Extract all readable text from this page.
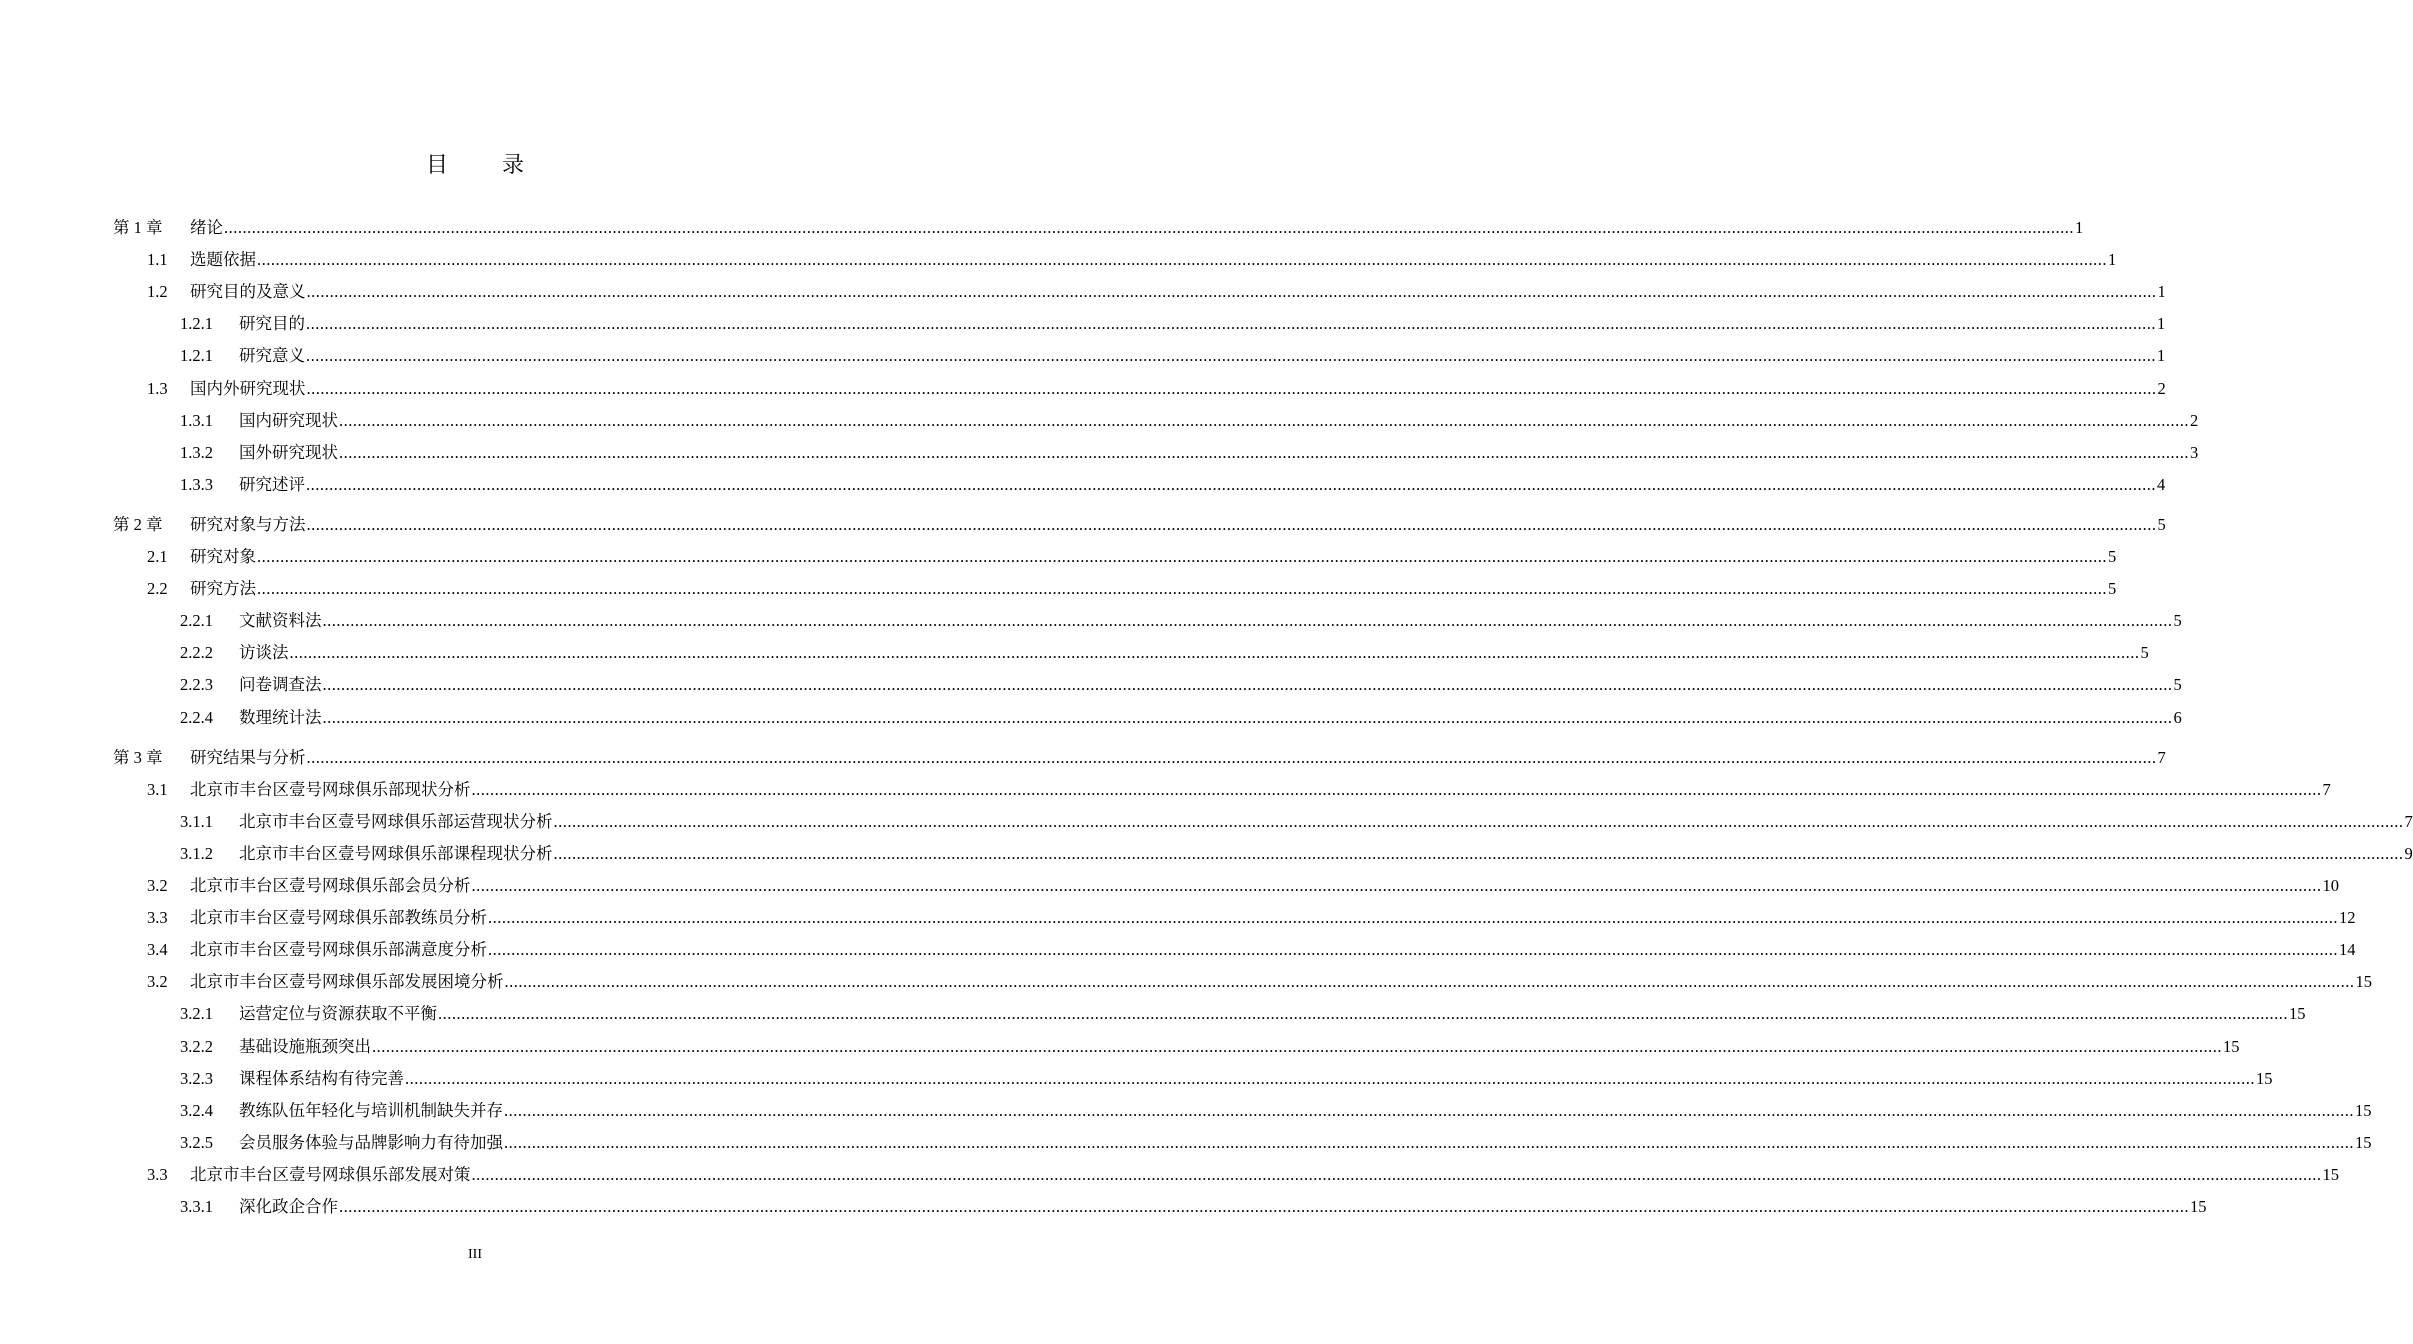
目 录
第 1 章 绪论 ................................................................................................................................................................................................................................................................................................................................................................................................................ 1
1.1 选题依据 ................................................................................................................................................................................................................................................................................................................................................................................................................ 1
1.2 研究目的及意义 ................................................................................................................................................................................................................................................................................................................................................................................................................ 1
1.2.1 研究目的 ................................................................................................................................................................................................................................................................................................................................................................................................................ 1
1.2.1 研究意义 ................................................................................................................................................................................................................................................................................................................................................................................................................ 1
1.3 国内外研究现状 ................................................................................................................................................................................................................................................................................................................................................................................................................ 2
1.3.1 国内研究现状 ................................................................................................................................................................................................................................................................................................................................................................................................................ 2
1.3.2 国外研究现状 ................................................................................................................................................................................................................................................................................................................................................................................................................ 3
1.3.3 研究述评 ................................................................................................................................................................................................................................................................................................................................................................................................................ 4
第 2 章 研究对象与方法 ................................................................................................................................................................................................................................................................................................................................................................................................................ 5
2.1 研究对象 ................................................................................................................................................................................................................................................................................................................................................................................................................ 5
2.2 研究方法 ................................................................................................................................................................................................................................................................................................................................................................................................................ 5
2.2.1 文献资料法 ................................................................................................................................................................................................................................................................................................................................................................................................................ 5
2.2.2 访谈法 ................................................................................................................................................................................................................................................................................................................................................................................................................ 5
2.2.3 问卷调查法 ................................................................................................................................................................................................................................................................................................................................................................................................................ 5
2.2.4 数理统计法 ................................................................................................................................................................................................................................................................................................................................................................................................................ 6
第 3 章 研究结果与分析 ................................................................................................................................................................................................................................................................................................................................................................................................................ 7
3.1 北京市丰台区壹号网球俱乐部现状分析 ................................................................................................................................................................................................................................................................................................................................................................................................................ 7
3.1.1 北京市丰台区壹号网球俱乐部运营现状分析 ................................................................................................................................................................................................................................................................................................................................................................................................................ 7
3.1.2 北京市丰台区壹号网球俱乐部课程现状分析 ................................................................................................................................................................................................................................................................................................................................................................................................................ 9
3.2 北京市丰台区壹号网球俱乐部会员分析 ................................................................................................................................................................................................................................................................................................................................................................................................................ 10
3.3 北京市丰台区壹号网球俱乐部教练员分析 ................................................................................................................................................................................................................................................................................................................................................................................................................ 12
3.4 北京市丰台区壹号网球俱乐部满意度分析 ................................................................................................................................................................................................................................................................................................................................................................................................................ 14
3.2 北京市丰台区壹号网球俱乐部发展困境分析 ................................................................................................................................................................................................................................................................................................................................................................................................................ 15
3.2.1 运营定位与资源获取不平衡 ................................................................................................................................................................................................................................................................................................................................................................................................................ 15
3.2.2 基础设施瓶颈突出 ................................................................................................................................................................................................................................................................................................................................................................................................................ 15
3.2.3 课程体系结构有待完善 ................................................................................................................................................................................................................................................................................................................................................................................................................ 15
3.2.4 教练队伍年轻化与培训机制缺失并存 ................................................................................................................................................................................................................................................................................................................................................................................................................ 15
3.2.5 会员服务体验与品牌影响力有待加强 ................................................................................................................................................................................................................................................................................................................................................................................................................ 15
3.3 北京市丰台区壹号网球俱乐部发展对策 ................................................................................................................................................................................................................................................................................................................................................................................................................ 15
3.3.1 深化政企合作 ................................................................................................................................................................................................................................................................................................................................................................................................................ 15
III
